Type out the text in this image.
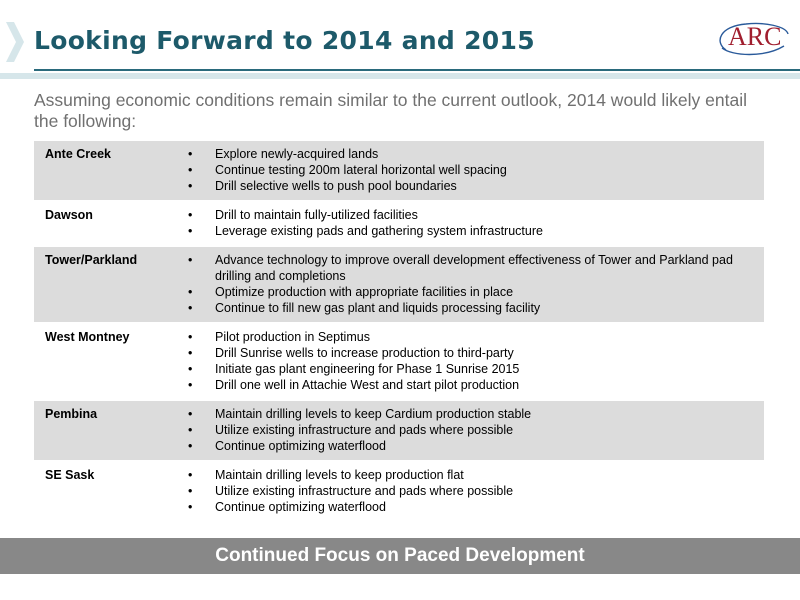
Looking Forward to 2014 and 2015	ARC
Assuming economic conditions remain similar to the current outlook, 2014 would likely entail the following:
Ante Creek	• Explore newly-acquired lands
• Continue testing 200m lateral horizontal well spacing
• Drill selective wells to push pool boundaries
Dawson	• Drill to maintain fully-utilized facilities
• Leverage existing pads and gathering system infrastructure
Tower/Parkland	• Advance technology to improve overall development effectiveness of Tower and Parkland pad drilling and completions
• Optimize production with appropriate facilities in place
• Continue to fill new gas plant and liquids processing facility
West Montney	• Pilot production in Septimus
• Drill Sunrise wells to increase production to third-party
• Initiate gas plant engineering for Phase 1 Sunrise 2015
• Drill one well in Attachie West and start pilot production
Pembina	• Maintain drilling levels to keep Cardium production stable
• Utilize existing infrastructure and pads where possible
• Continue optimizing waterflood
SE Sask	• Maintain drilling levels to keep production flat
• Utilize existing infrastructure and pads where possible
• Continue optimizing waterflood
Continued Focus on Paced Development
